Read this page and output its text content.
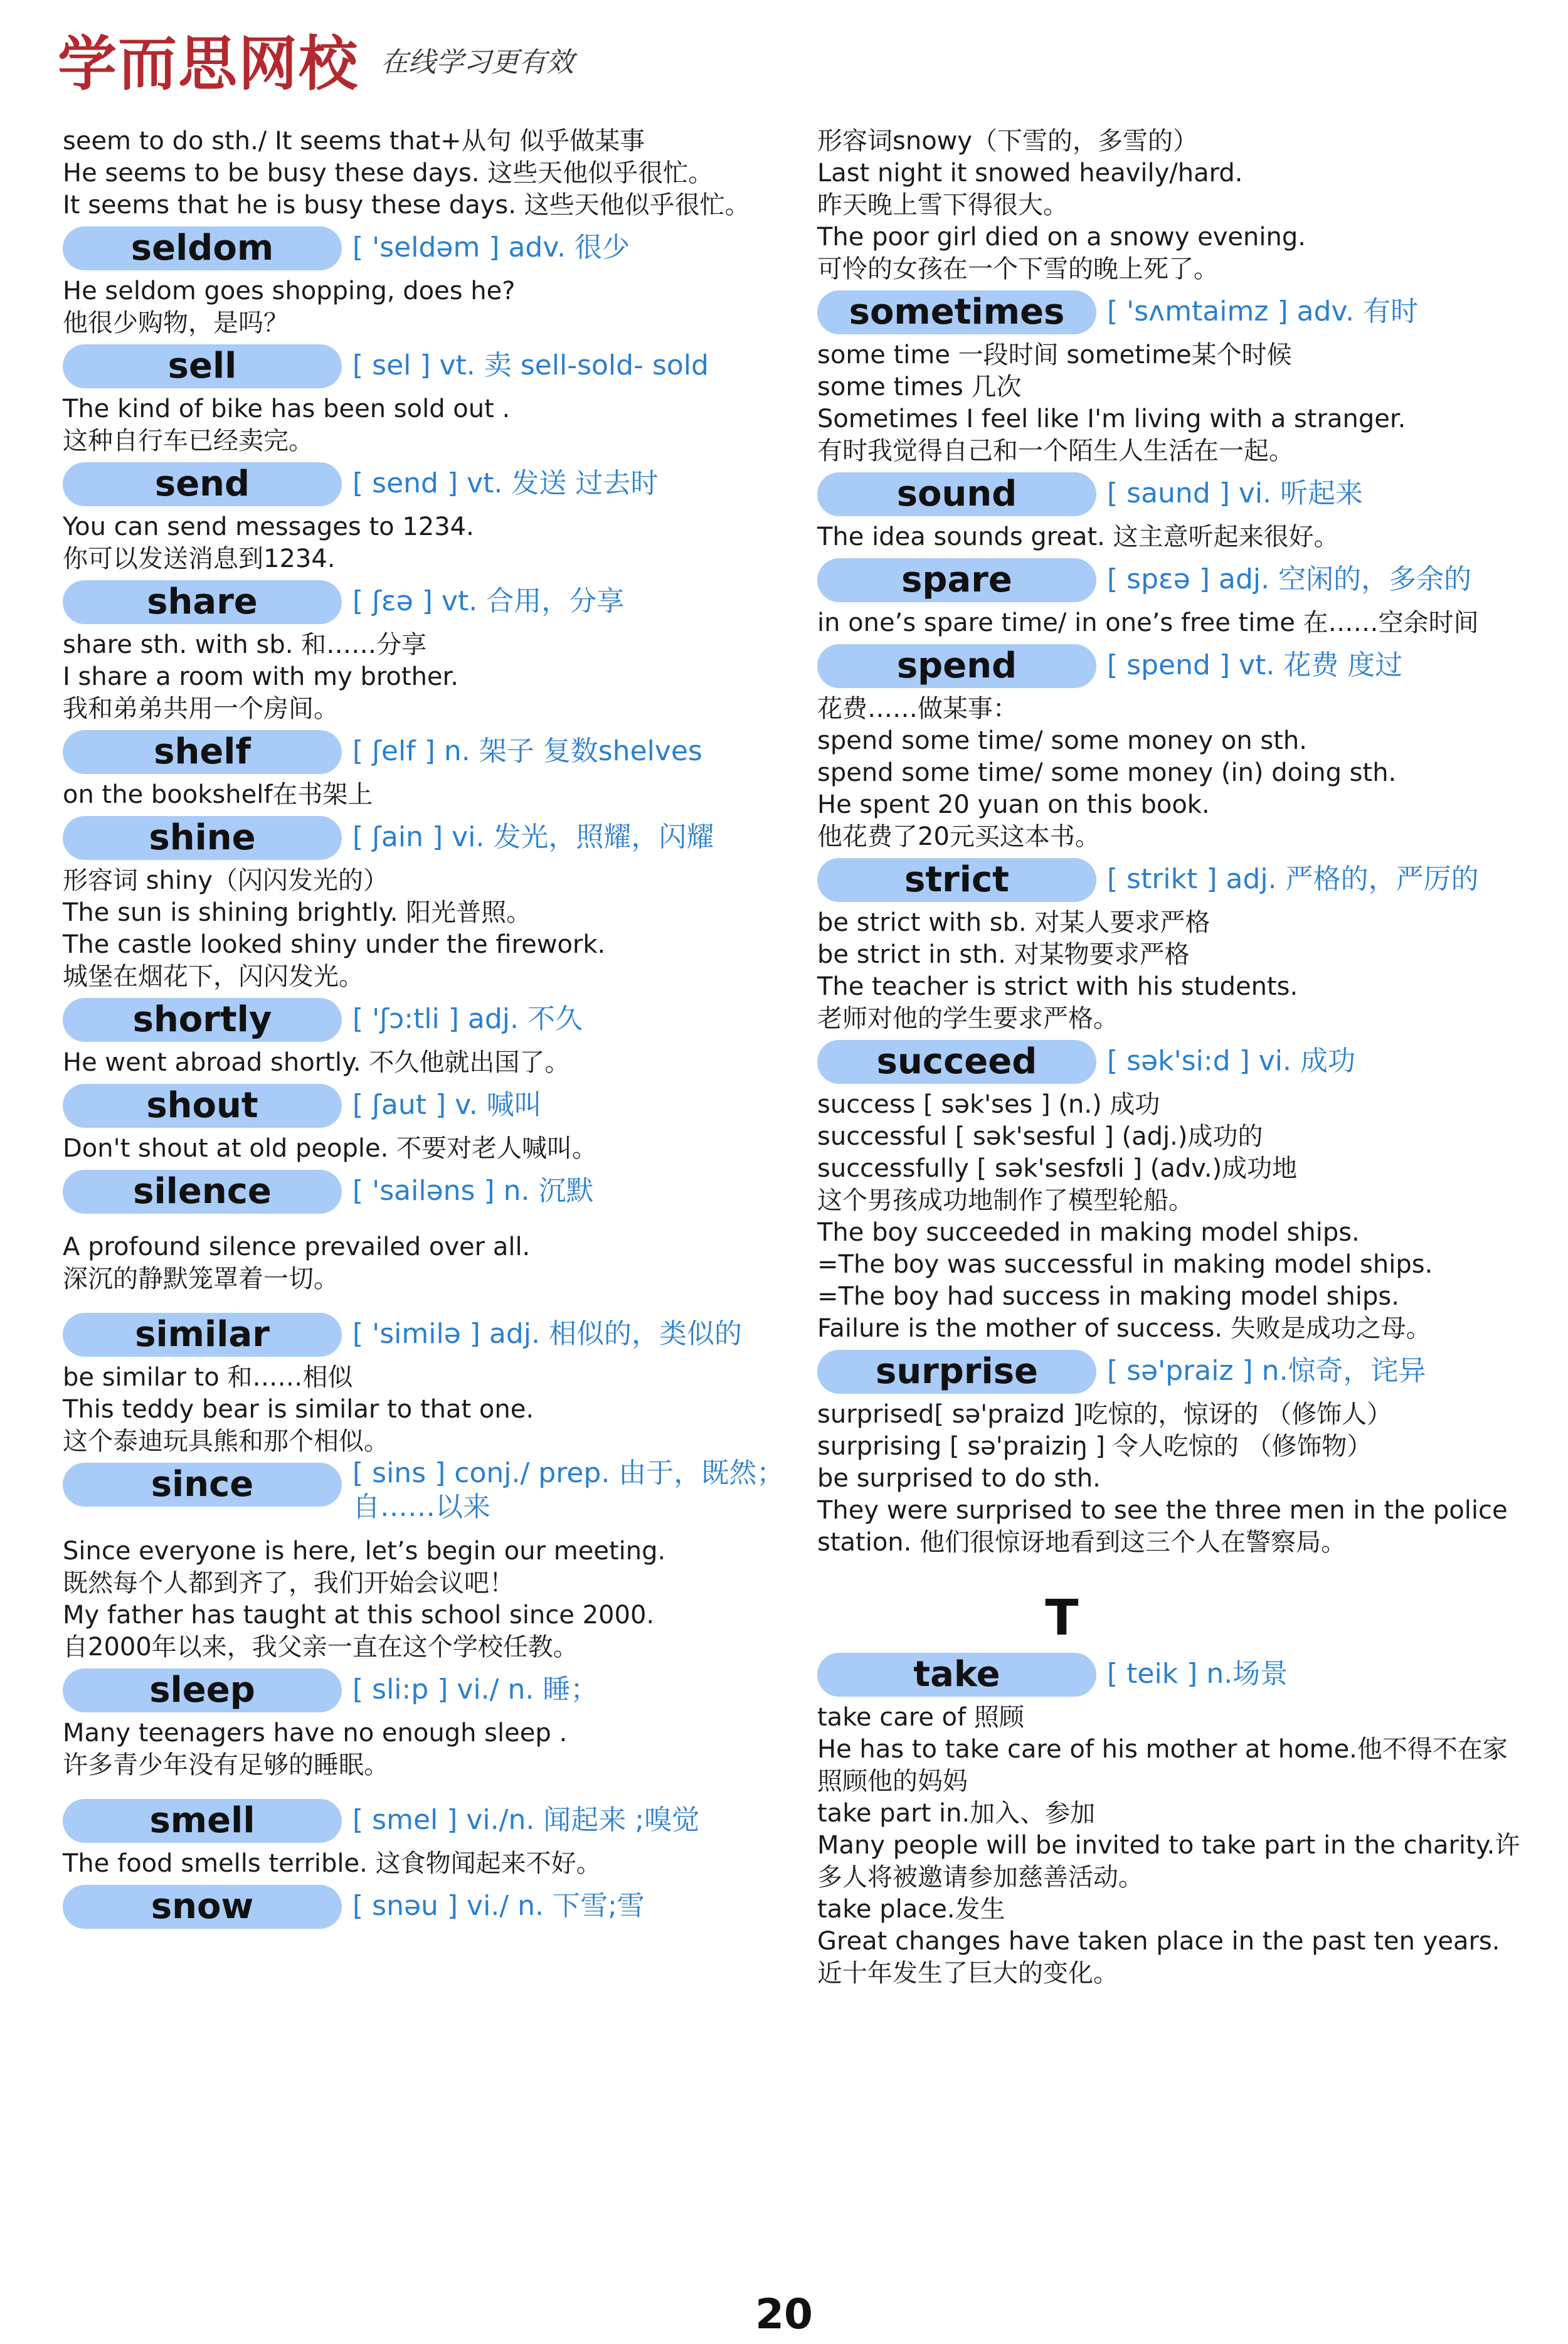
学而思网校 在线学习更有效
seem to do sth./ It seems that+从句 似乎做某事
He seems to be busy these days. 这些天他似乎很忙。
It seems that he is busy these days. 这些天他似乎很忙。
seldom	[ 'seldəm ] adv. 很少
He seldom goes shopping, does he?
他很少购物，是吗？
sell	[ sel ] vt. 卖 sell-sold- sold
The kind of bike has been sold out .
这种自行车已经卖完。
send	[ send ] vt. 发送 过去时
You can send messages to 1234.
你可以发送消息到1234.
share	[ ʃɛə ] vt. 合用，分享
share sth. with sb. 和……分享
I share a room with my brother.
我和弟弟共用一个房间。
shelf	[ ʃelf ] n. 架子 复数shelves
on the bookshelf在书架上
shine	[ ʃain ] vi. 发光，照耀，闪耀
形容词 shiny（闪闪发光的）
The sun is shining brightly. 阳光普照。
The castle looked shiny under the firework.
城堡在烟花下，闪闪发光。
shortly	[ 'ʃɔ:tli ] adj. 不久
He went abroad shortly. 不久他就出国了。
shout	[ ʃaut ] v. 喊叫
Don't shout at old people. 不要对老人喊叫。
silence	[ 'sailəns ] n. 沉默
A profound silence prevailed over all.
深沉的静默笼罩着一切。
similar	[ 'similə ] adj. 相似的，类似的
be similar to 和……相似
This teddy bear is similar to that one.
这个泰迪玩具熊和那个相似。
since	[ sins ] conj./ prep. 由于，既然；自……以来
Since everyone is here, let’s begin our meeting.
既然每个人都到齐了，我们开始会议吧！
My father has taught at this school since 2000.
自2000年以来，我父亲一直在这个学校任教。
sleep	[ sli:p ] vi./ n. 睡；
Many teenagers have no enough sleep .
许多青少年没有足够的睡眠。
smell	[ smel ] vi./n. 闻起来 ;嗅觉
The food smells terrible. 这食物闻起来不好。
snow	[ snəu ] vi./ n. 下雪;雪
形容词snowy（下雪的，多雪的）
Last night it snowed heavily/hard.
昨天晚上雪下得很大。
The poor girl died on a snowy evening.
可怜的女孩在一个下雪的晚上死了。
sometimes	[ 'sʌmtaimz ] adv. 有时
some time 一段时间 sometime某个时候
some times 几次
Sometimes I feel like I'm living with a stranger.
有时我觉得自己和一个陌生人生活在一起。
sound	[ saund ] vi. 听起来
The idea sounds great. 这主意听起来很好。
spare	[ spɛə ] adj. 空闲的，多余的
in one’s spare time/ in one’s free time 在……空余时间
spend	[ spend ] vt. 花费 度过
花费……做某事：
spend some time/ some money on sth.
spend some time/ some money (in) doing sth.
He spent 20 yuan on this book.
他花费了20元买这本书。
strict	[ strikt ] adj. 严格的，严厉的
be strict with sb. 对某人要求严格
be strict in sth. 对某物要求严格
The teacher is strict with his students.
老师对他的学生要求严格。
succeed	[ sək'si:d ] vi. 成功
success [ sək'ses ] (n.) 成功
successful [ sək'sesful ] (adj.)成功的
successfully [ sək'sesfʊli ] (adv.)成功地
这个男孩成功地制作了模型轮船。
The boy succeeded in making model ships.
=The boy was successful in making model ships.
=The boy had success in making model ships.
Failure is the mother of success. 失败是成功之母。
surprise	[ sə'praiz ] n.惊奇，诧异
surprised[ sə'praizd ]吃惊的，惊讶的 （修饰人）
surprising [ sə'praiziŋ ] 令人吃惊的 （修饰物）
be surprised to do sth.
They were surprised to see the three men in the police
station. 他们很惊讶地看到这三个人在警察局。
T
take	[ teik ] n.场景
take care of 照顾
He has to take care of his mother at home.他不得不在家
照顾他的妈妈
take part in.加入、参加
Many people will be invited to take part in the charity.许
多人将被邀请参加慈善活动。
take place.发生
Great changes have taken place in the past ten years.
近十年发生了巨大的变化。
20
